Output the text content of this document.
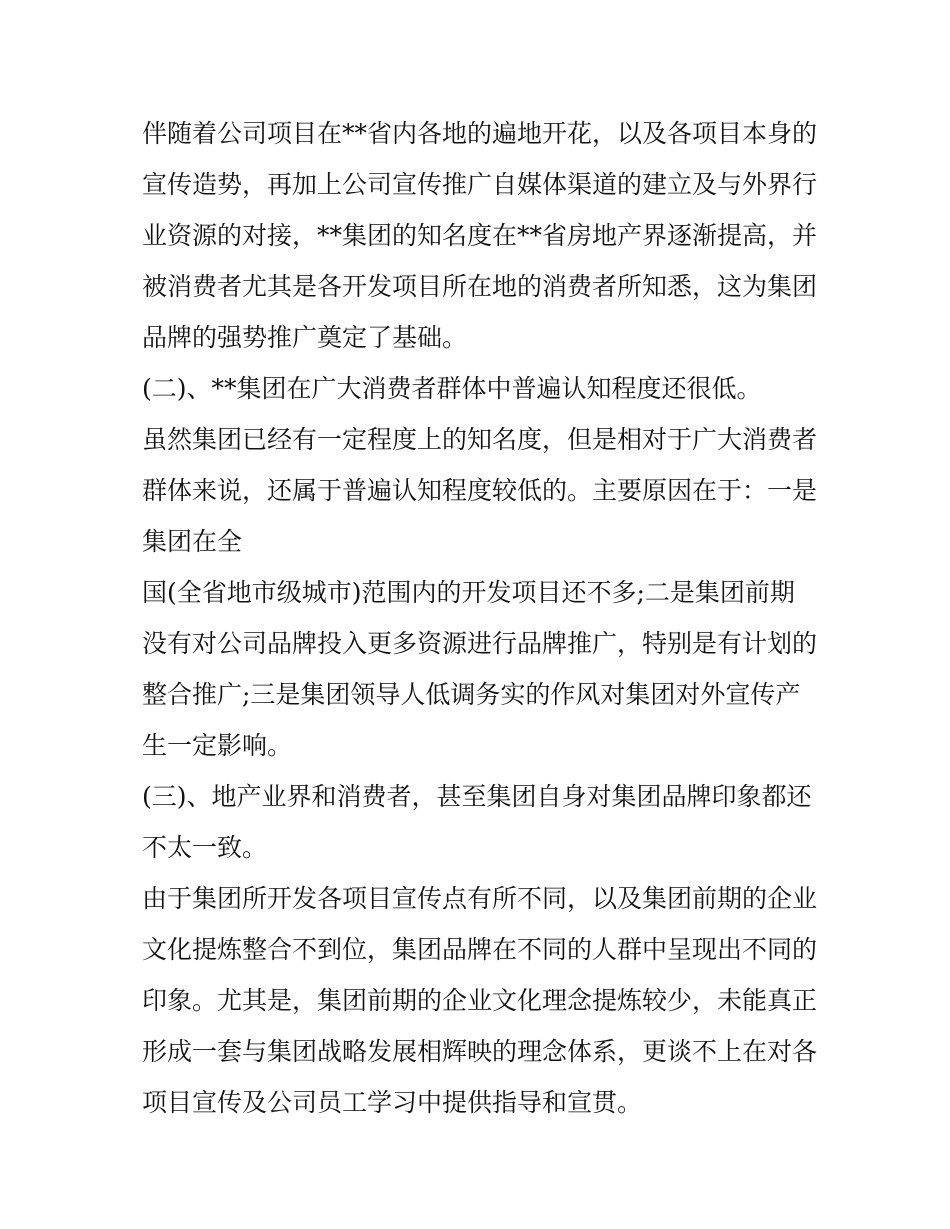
伴随着公司项目在**省内各地的遍地开花，以及各项目本身的
宣传造势，再加上公司宣传推广自媒体渠道的建立及与外界行
业资源的对接，**集团的知名度在**省房地产界逐渐提高，并
被消费者尤其是各开发项目所在地的消费者所知悉，这为集团
品牌的强势推广奠定了基础。
(二)、**集团在广大消费者群体中普遍认知程度还很低。
虽然集团已经有一定程度上的知名度，但是相对于广大消费者
群体来说，还属于普遍认知程度较低的。主要原因在于：一是
集团在全
国(全省地市级城市)范围内的开发项目还不多;二是集团前期
没有对公司品牌投入更多资源进行品牌推广，特别是有计划的
整合推广;三是集团领导人低调务实的作风对集团对外宣传产
生一定影响。
(三)、地产业界和消费者，甚至集团自身对集团品牌印象都还
不太一致。
由于集团所开发各项目宣传点有所不同，以及集团前期的企业
文化提炼整合不到位，集团品牌在不同的人群中呈现出不同的
印象。尤其是，集团前期的企业文化理念提炼较少，未能真正
形成一套与集团战略发展相辉映的理念体系，更谈不上在对各
项目宣传及公司员工学习中提供指导和宣贯。
